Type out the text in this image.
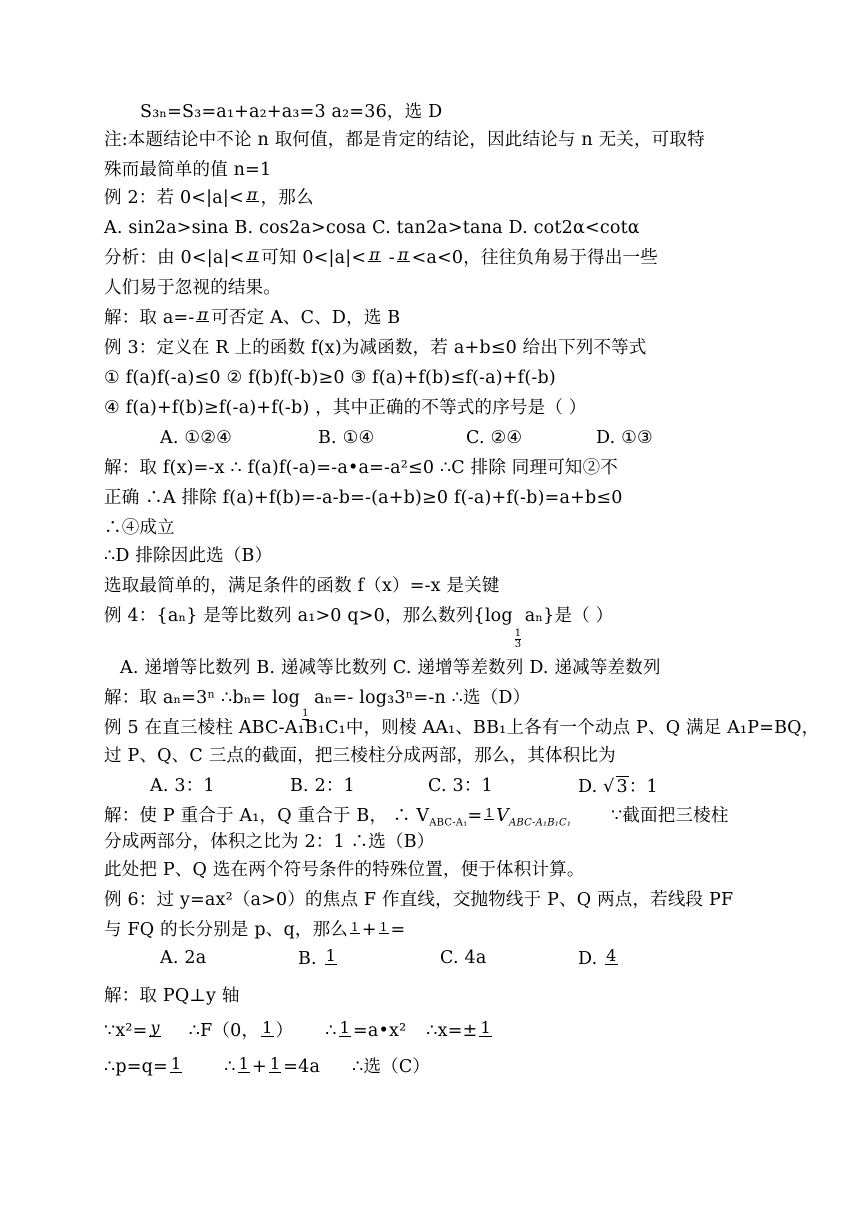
S₃ₙ=S₃=a₁+a₂+a₃=3 a₂=36，选 D
注:本题结论中不论 n 取何值，都是肯定的结论，因此结论与 n 无关，可取特
殊而最简单的值 n=1
例 2：若 0<|a|< π ，那么
A. sin2a>sina B. cos2a>cosa C. tan2a>tana D. cot2α<cotα
分析：由 0<|a|< π 可知 0<|a|< π - π <a<0，往往负角易于得出一些
人们易于忽视的结果。
解：取 a=- π 可否定 A、C、D，选 B
例 3：定义在 R 上的函数 f(x)为减函数，若 a+b≤0 给出下列不等式
① f(a)f(-a)≤0 ② f(b)f(-b)≥0 ③ f(a)+f(b)≤f(-a)+f(-b)
④ f(a)+f(b)≥f(-a)+f(-b) ，其中正确的不等式的序号是（ ）
A. ①②④	B. ①④	C. ②④	D. ①③
解：取 f(x)=-x ∴ f(a)f(-a)=-a•a=-a²≤0 ∴C 排除 同理可知②不
正确 ∴A 排除 f(a)+f(b)=-a-b=-(a+b)≥0 f(-a)+f(-b)=a+b≤0
∴④成立
∴D 排除因此选（B）
选取最简单的，满足条件的函数 f（x）=-x 是关键
例 4：{aₙ} 是等比数列 a₁>0 q>0，那么数列{log
1
3
aₙ}是（ ）
A. 递增等比数列 B. 递减等比数列 C. 递增等差数列 D. 递减等差数列
解：取 aₙ=3ⁿ ∴bₙ= log
1
aₙ=- log₃3ⁿ=-n ∴选（D）
例 5 在直三棱柱 ABC-A₁B₁C₁中，则棱 AA₁、BB₁上各有一个动点 P、Q 满足 A₁P=BQ，
过 P、Q、C 三点的截面，把三棱柱分成两部，那么，其体积比为
A. 3：1	B. 2：1	C. 3：1	D. √ 3：1
解：使 P 重合于 A₁，Q 重合于 B， ∴ $V_{ABC-A_1}= 1$ $V_{ABC-A_1B_1C_1}$ ∵截面把三棱柱
分成两部分，体积之比为 2：1 ∴选（B）
此处把 P、Q 选在两个符号条件的特殊位置，便于体积计算。
例 6：过 y=ax²（a>0）的焦点 F 作直线，交抛物线于 P、Q 两点，若线段 PF
与 FQ 的长分别是 p、q，那么 1 + 1 =
A. 2a	B. 1	C. 4a	D. 4
解：取 PQ⊥y 轴
∵x²= y ∴F（0， 1 ） ∴ 1 =a•x² ∴x=± 1
∴p=q= 1 ∴ 1 + 1 =4a ∴选（C）
